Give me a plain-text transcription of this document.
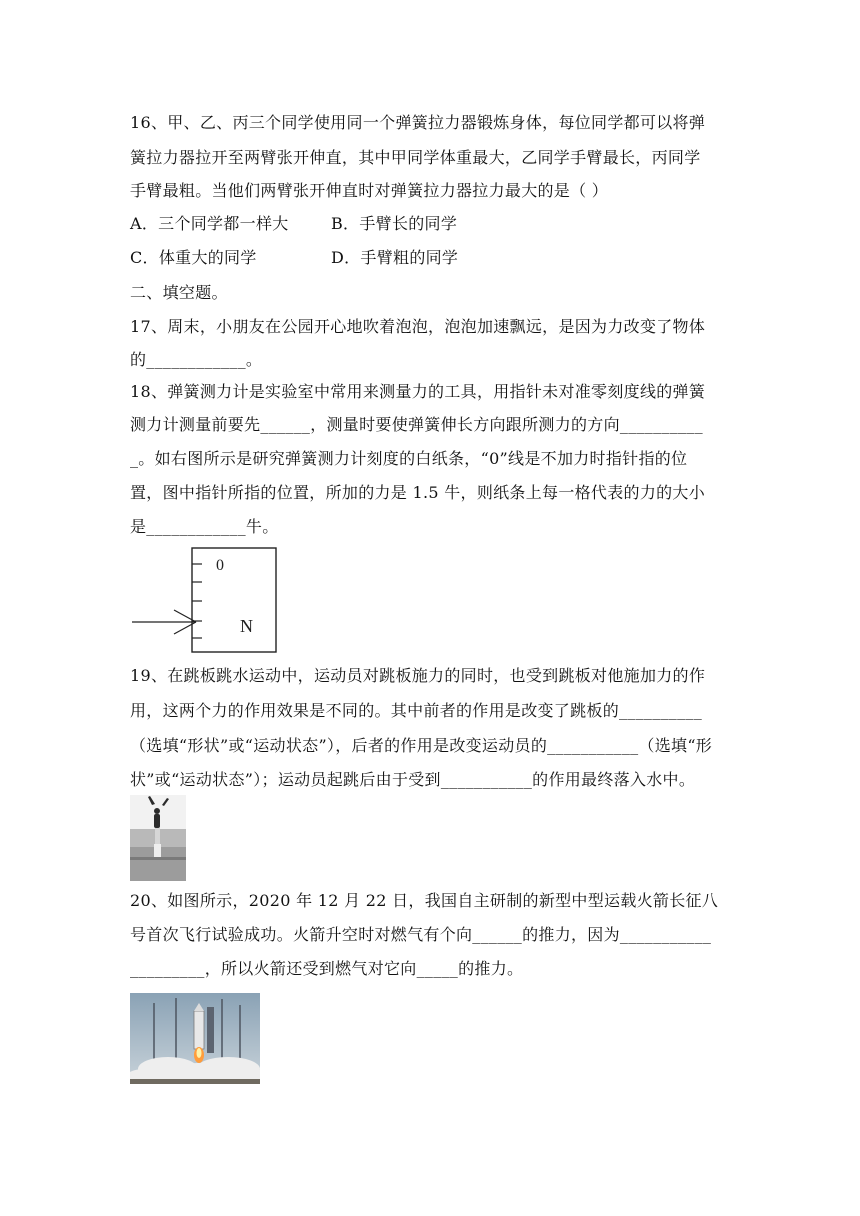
16、甲、乙、丙三个同学使用同一个弹簧拉力器锻炼身体，每位同学都可以将弹
簧拉力器拉开至两臂张开伸直，其中甲同学体重最大，乙同学手臂最长，丙同学
手臂最粗。当他们两臂张开伸直时对弹簧拉力器拉力最大的是（ ）
A．三个同学都一样大	B．手臂长的同学
C．体重大的同学	D．手臂粗的同学
二、填空题。
17、周末，小朋友在公园开心地吹着泡泡，泡泡加速飘远，是因为力改变了物体
的____________。
18、弹簧测力计是实验室中常用来测量力的工具，用指针未对准零刻度线的弹簧
测力计测量前要先______，测量时要使弹簧伸长方向跟所测力的方向__________
_。如右图所示是研究弹簧测力计刻度的白纸条，“0”线是不加力时指针指的位
置，图中指针所指的位置，所加的力是 1.5 牛，则纸条上每一格代表的力的大小
是____________牛。
0
N
19、在跳板跳水运动中，运动员对跳板施力的同时，也受到跳板对他施加力的作
用，这两个力的作用效果是不同的。其中前者的作用是改变了跳板的__________
（选填“形状”或“运动状态”），后者的作用是改变运动员的___________（选填“形
状”或“运动状态”）；运动员起跳后由于受到___________的作用最终落入水中。
20、如图所示，2020 年 12 月 22 日，我国自主研制的新型中型运载火箭长征八
号首次飞行试验成功。火箭升空时对燃气有个向______的推力，因为___________
_________，所以火箭还受到燃气对它向_____的推力。
